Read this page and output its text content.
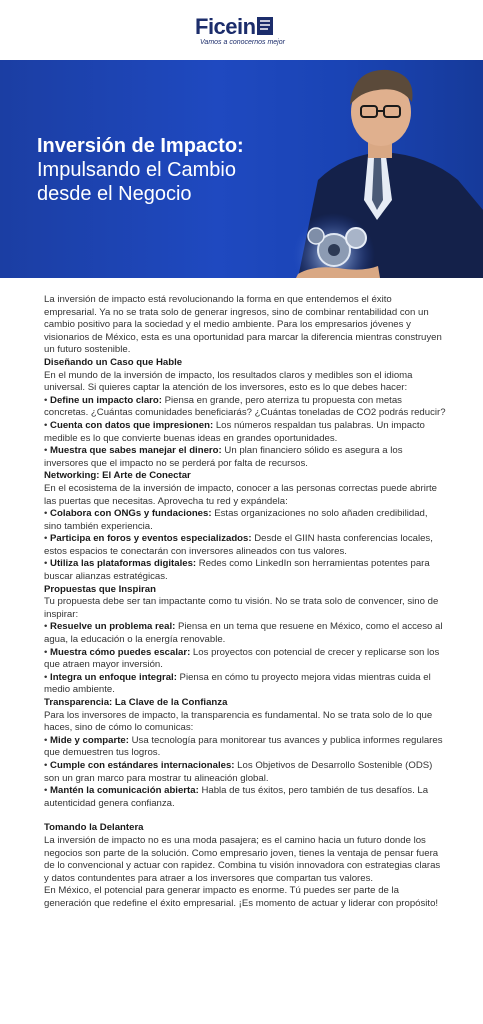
Ficein
Vamos a conocernos mejor
Inversión de Impacto:
Impulsando el Cambio
desde el Negocio

La inversión de impacto está revolucionando la forma en que entendemos el éxito empresarial. Ya no se trata solo de generar ingresos, sino de combinar rentabilidad con un cambio positivo para la sociedad y el medio ambiente. Para los empresarios jóvenes y visionarios de México, esta es una oportunidad para marcar la diferencia mientras construyen un futuro sostenible.

Diseñando un Caso que Hable

En el mundo de la inversión de impacto, los resultados claros y medibles son el idioma universal. Si quieres captar la atención de los inversores, esto es lo que debes hacer:

• Define un impacto claro: Piensa en grande, pero aterriza tu propuesta con metas concretas. ¿Cuántas comunidades beneficiarás? ¿Cuántas toneladas de CO2 podrás reducir?

• Cuenta con datos que impresionen: Los números respaldan tus palabras. Un impacto medible es lo que convierte buenas ideas en grandes oportunidades.

• Muestra que sabes manejar el dinero: Un plan financiero sólido es asegura a los inversores que el impacto no se perderá por falta de recursos.

Networking: El Arte de Conectar

En el ecosistema de la inversión de impacto, conocer a las personas correctas puede abrirte las puertas que necesitas. Aprovecha tu red y expándela:

• Colabora con ONGs y fundaciones: Estas organizaciones no solo añaden credibilidad, sino también experiencia.

• Participa en foros y eventos especializados: Desde el GIIN hasta conferencias locales, estos espacios te conectarán con inversores alineados con tus valores.

• Utiliza las plataformas digitales: Redes como LinkedIn son herramientas potentes para buscar alianzas estratégicas.

Propuestas que Inspiran

Tu propuesta debe ser tan impactante como tu visión. No se trata solo de convencer, sino de inspirar:

• Resuelve un problema real: Piensa en un tema que resuene en México, como el acceso al agua, la educación o la energía renovable.

• Muestra cómo puedes escalar: Los proyectos con potencial de crecer y replicarse son los que atraen mayor inversión.

• Integra un enfoque integral: Piensa en cómo tu proyecto mejora vidas mientras cuida el medio ambiente.

Transparencia: La Clave de la Confianza

Para los inversores de impacto, la transparencia es fundamental. No se trata solo de lo que haces, sino de cómo lo comunicas:

• Mide y comparte: Usa tecnología para monitorear tus avances y publica informes regulares que demuestren tus logros.

• Cumple con estándares internacionales: Los Objetivos de Desarrollo Sostenible (ODS) son un gran marco para mostrar tu alineación global.

• Mantén la comunicación abierta: Habla de tus éxitos, pero también de tus desafíos. La autenticidad genera confianza.

Tomando la Delantera

La inversión de impacto no es una moda pasajera; es el camino hacia un futuro donde los negocios son parte de la solución. Como empresario joven, tienes la ventaja de pensar fuera de lo convencional y actuar con rapidez. Combina tu visión innovadora con estrategias claras y datos contundentes para atraer a los inversores que compartan tus valores.

En México, el potencial para generar impacto es enorme. Tú puedes ser parte de la generación que redefine el éxito empresarial. ¡Es momento de actuar y liderar con propósito!
